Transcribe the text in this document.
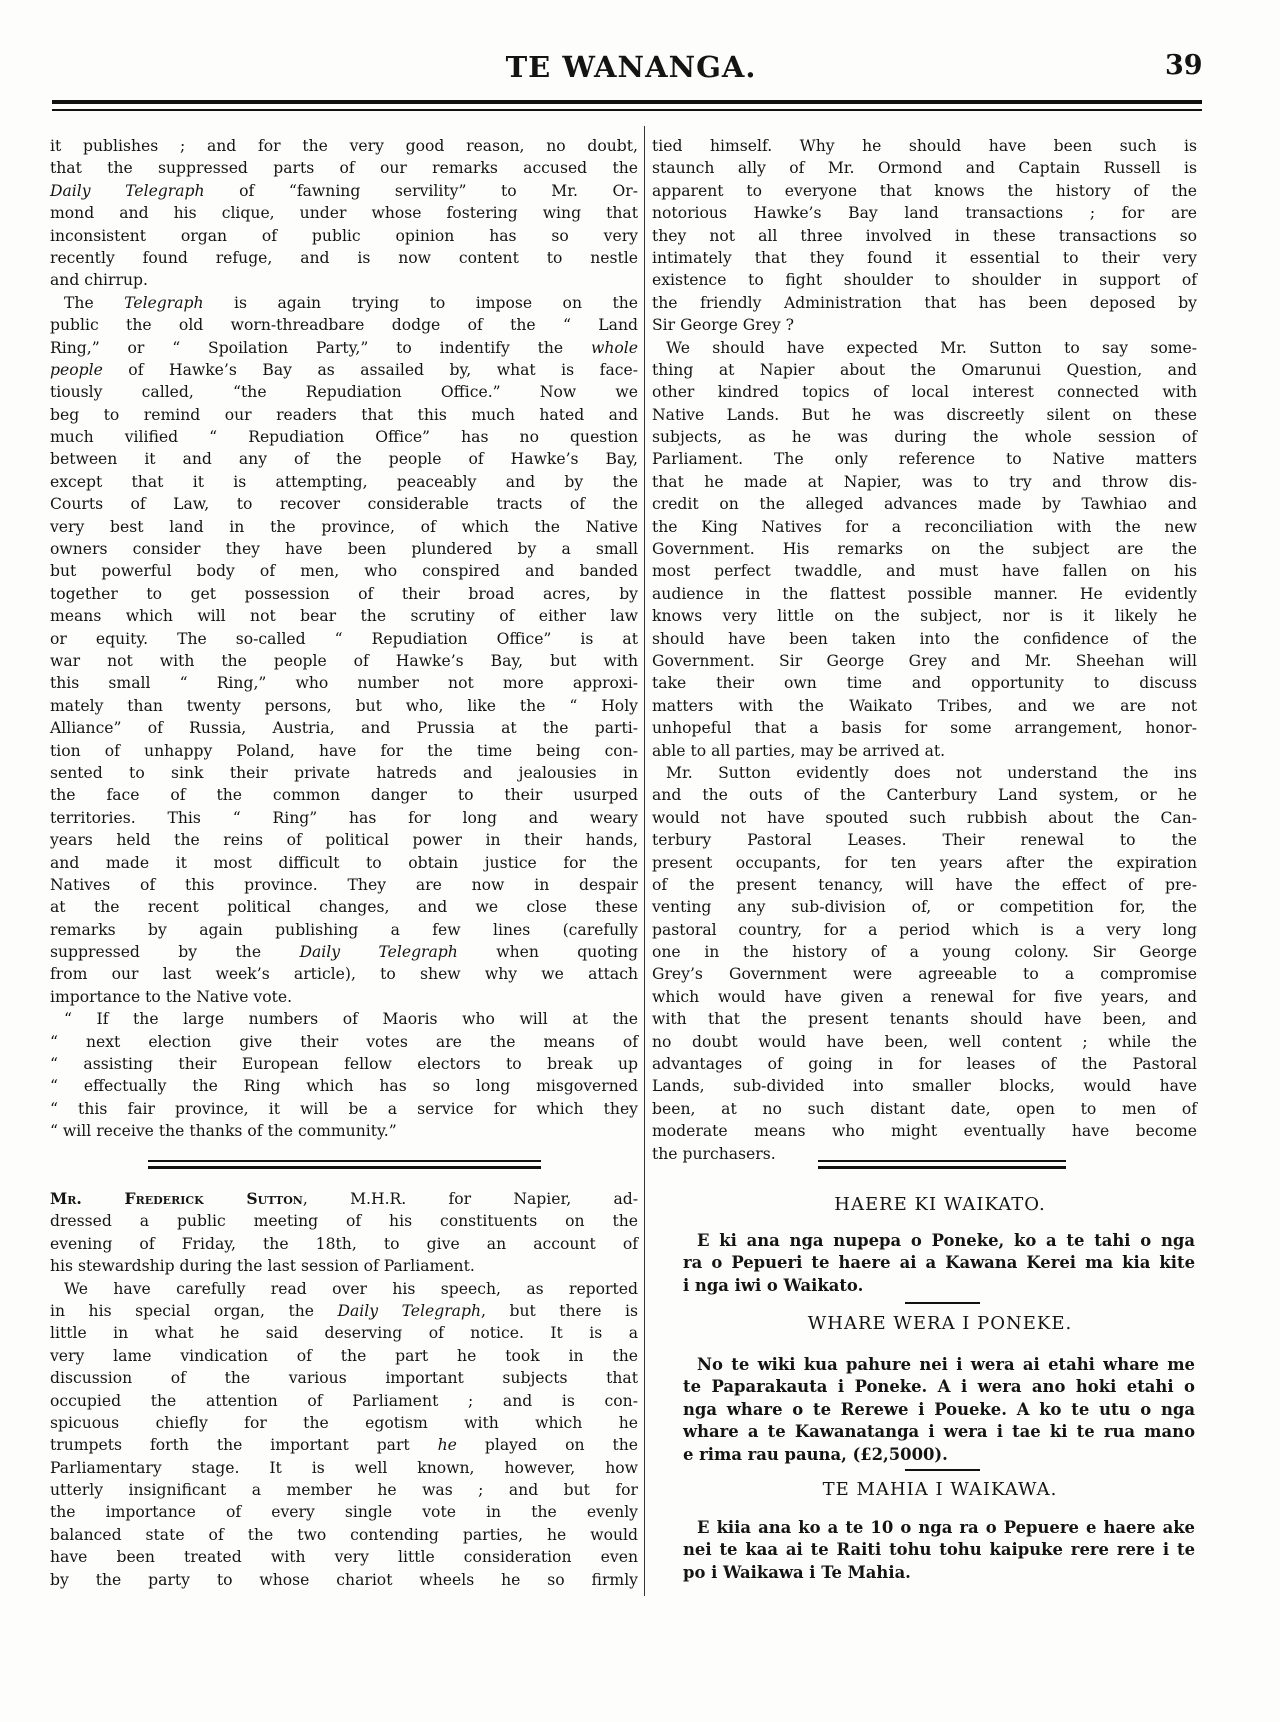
TE WANANGA.	39
it publishes ; and for the very good reason, no doubt,
that the suppressed parts of our remarks accused the
Daily Telegraph of “fawning servility” to Mr. Or-
mond and his clique, under whose fostering wing that
inconsistent organ of public opinion has so very
recently found refuge, and is now content to nestle
and chirrup.
The Telegraph is again trying to impose on the
public the old worn-threadbare dodge of the “ Land
Ring,” or “ Spoilation Party,” to indentify the whole
people of Hawke’s Bay as assailed by, what is face-
tiously called, “the Repudiation Office.” Now we
beg to remind our readers that this much hated and
much vilified “ Repudiation Office” has no question
between it and any of the people of Hawke’s Bay,
except that it is attempting, peaceably and by the
Courts of Law, to recover considerable tracts of the
very best land in the province, of which the Native
owners consider they have been plundered by a small
but powerful body of men, who conspired and banded
together to get possession of their broad acres, by
means which will not bear the scrutiny of either law
or equity. The so-called “ Repudiation Office” is at
war not with the people of Hawke’s Bay, but with
this small “ Ring,” who number not more approxi-
mately than twenty persons, but who, like the “ Holy
Alliance” of Russia, Austria, and Prussia at the parti-
tion of unhappy Poland, have for the time being con-
sented to sink their private hatreds and jealousies in
the face of the common danger to their usurped
territories. This “ Ring” has for long and weary
years held the reins of political power in their hands,
and made it most difficult to obtain justice for the
Natives of this province. They are now in despair
at the recent political changes, and we close these
remarks by again publishing a few lines (carefully
suppressed by the Daily Telegraph when quoting
from our last week’s article), to shew why we attach
importance to the Native vote.
“ If the large numbers of Maoris who will at the
“ next election give their votes are the means of
“ assisting their European fellow electors to break up
“ effectually the Ring which has so long misgoverned
“ this fair province, it will be a service for which they
“ will receive the thanks of the community.”
Mr. Frederick Sutton, M.H.R. for Napier, ad-
dressed a public meeting of his constituents on the
evening of Friday, the 18th, to give an account of
his stewardship during the last session of Parliament.
We have carefully read over his speech, as reported
in his special organ, the Daily Telegraph, but there is
little in what he said deserving of notice. It is a
very lame vindication of the part he took in the
discussion of the various important subjects that
occupied the attention of Parliament ; and is con-
spicuous chiefly for the egotism with which he
trumpets forth the important part he played on the
Parliamentary stage. It is well known, however, how
utterly insignificant a member he was ; and but for
the importance of every single vote in the evenly
balanced state of the two contending parties, he would
have been treated with very little consideration even
by the party to whose chariot wheels he so firmly
tied himself. Why he should have been such is
staunch ally of Mr. Ormond and Captain Russell is
apparent to everyone that knows the history of the
notorious Hawke’s Bay land transactions ; for are
they not all three involved in these transactions so
intimately that they found it essential to their very
existence to fight shoulder to shoulder in support of
the friendly Administration that has been deposed by
Sir George Grey ?
We should have expected Mr. Sutton to say some-
thing at Napier about the Omarunui Question, and
other kindred topics of local interest connected with
Native Lands. But he was discreetly silent on these
subjects, as he was during the whole session of
Parliament. The only reference to Native matters
that he made at Napier, was to try and throw dis-
credit on the alleged advances made by Tawhiao and
the King Natives for a reconciliation with the new
Government. His remarks on the subject are the
most perfect twaddle, and must have fallen on his
audience in the flattest possible manner. He evidently
knows very little on the subject, nor is it likely he
should have been taken into the confidence of the
Government. Sir George Grey and Mr. Sheehan will
take their own time and opportunity to discuss
matters with the Waikato Tribes, and we are not
unhopeful that a basis for some arrangement, honor-
able to all parties, may be arrived at.
Mr. Sutton evidently does not understand the ins
and the outs of the Canterbury Land system, or he
would not have spouted such rubbish about the Can-
terbury Pastoral Leases. Their renewal to the
present occupants, for ten years after the expiration
of the present tenancy, will have the effect of pre-
venting any sub-division of, or competition for, the
pastoral country, for a period which is a very long
one in the history of a young colony. Sir George
Grey’s Government were agreeable to a compromise
which would have given a renewal for five years, and
with that the present tenants should have been, and
no doubt would have been, well content ; while the
advantages of going in for leases of the Pastoral
Lands, sub-divided into smaller blocks, would have
been, at no such distant date, open to men of
moderate means who might eventually have become
the purchasers.
HAERE KI WAIKATO.
E ki ana nga nupepa o Poneke, ko a te tahi o nga
ra o Pepueri te haere ai a Kawana Kerei ma kia kite
i nga iwi o Waikato.
WHARE WERA I PONEKE.
No te wiki kua pahure nei i wera ai etahi whare me
te Paparakauta i Poneke. A i wera ano hoki etahi o
nga whare o te Rerewe i Poueke. A ko te utu o nga
whare a te Kawanatanga i wera i tae ki te rua mano
e rima rau pauna, (£2,5000).
TE MAHIA I WAIKAWA.
E kiia ana ko a te 10 o nga ra o Pepuere e haere ake
nei te kaa ai te Raiti tohu tohu kaipuke rere rere i te
po i Waikawa i Te Mahia.
